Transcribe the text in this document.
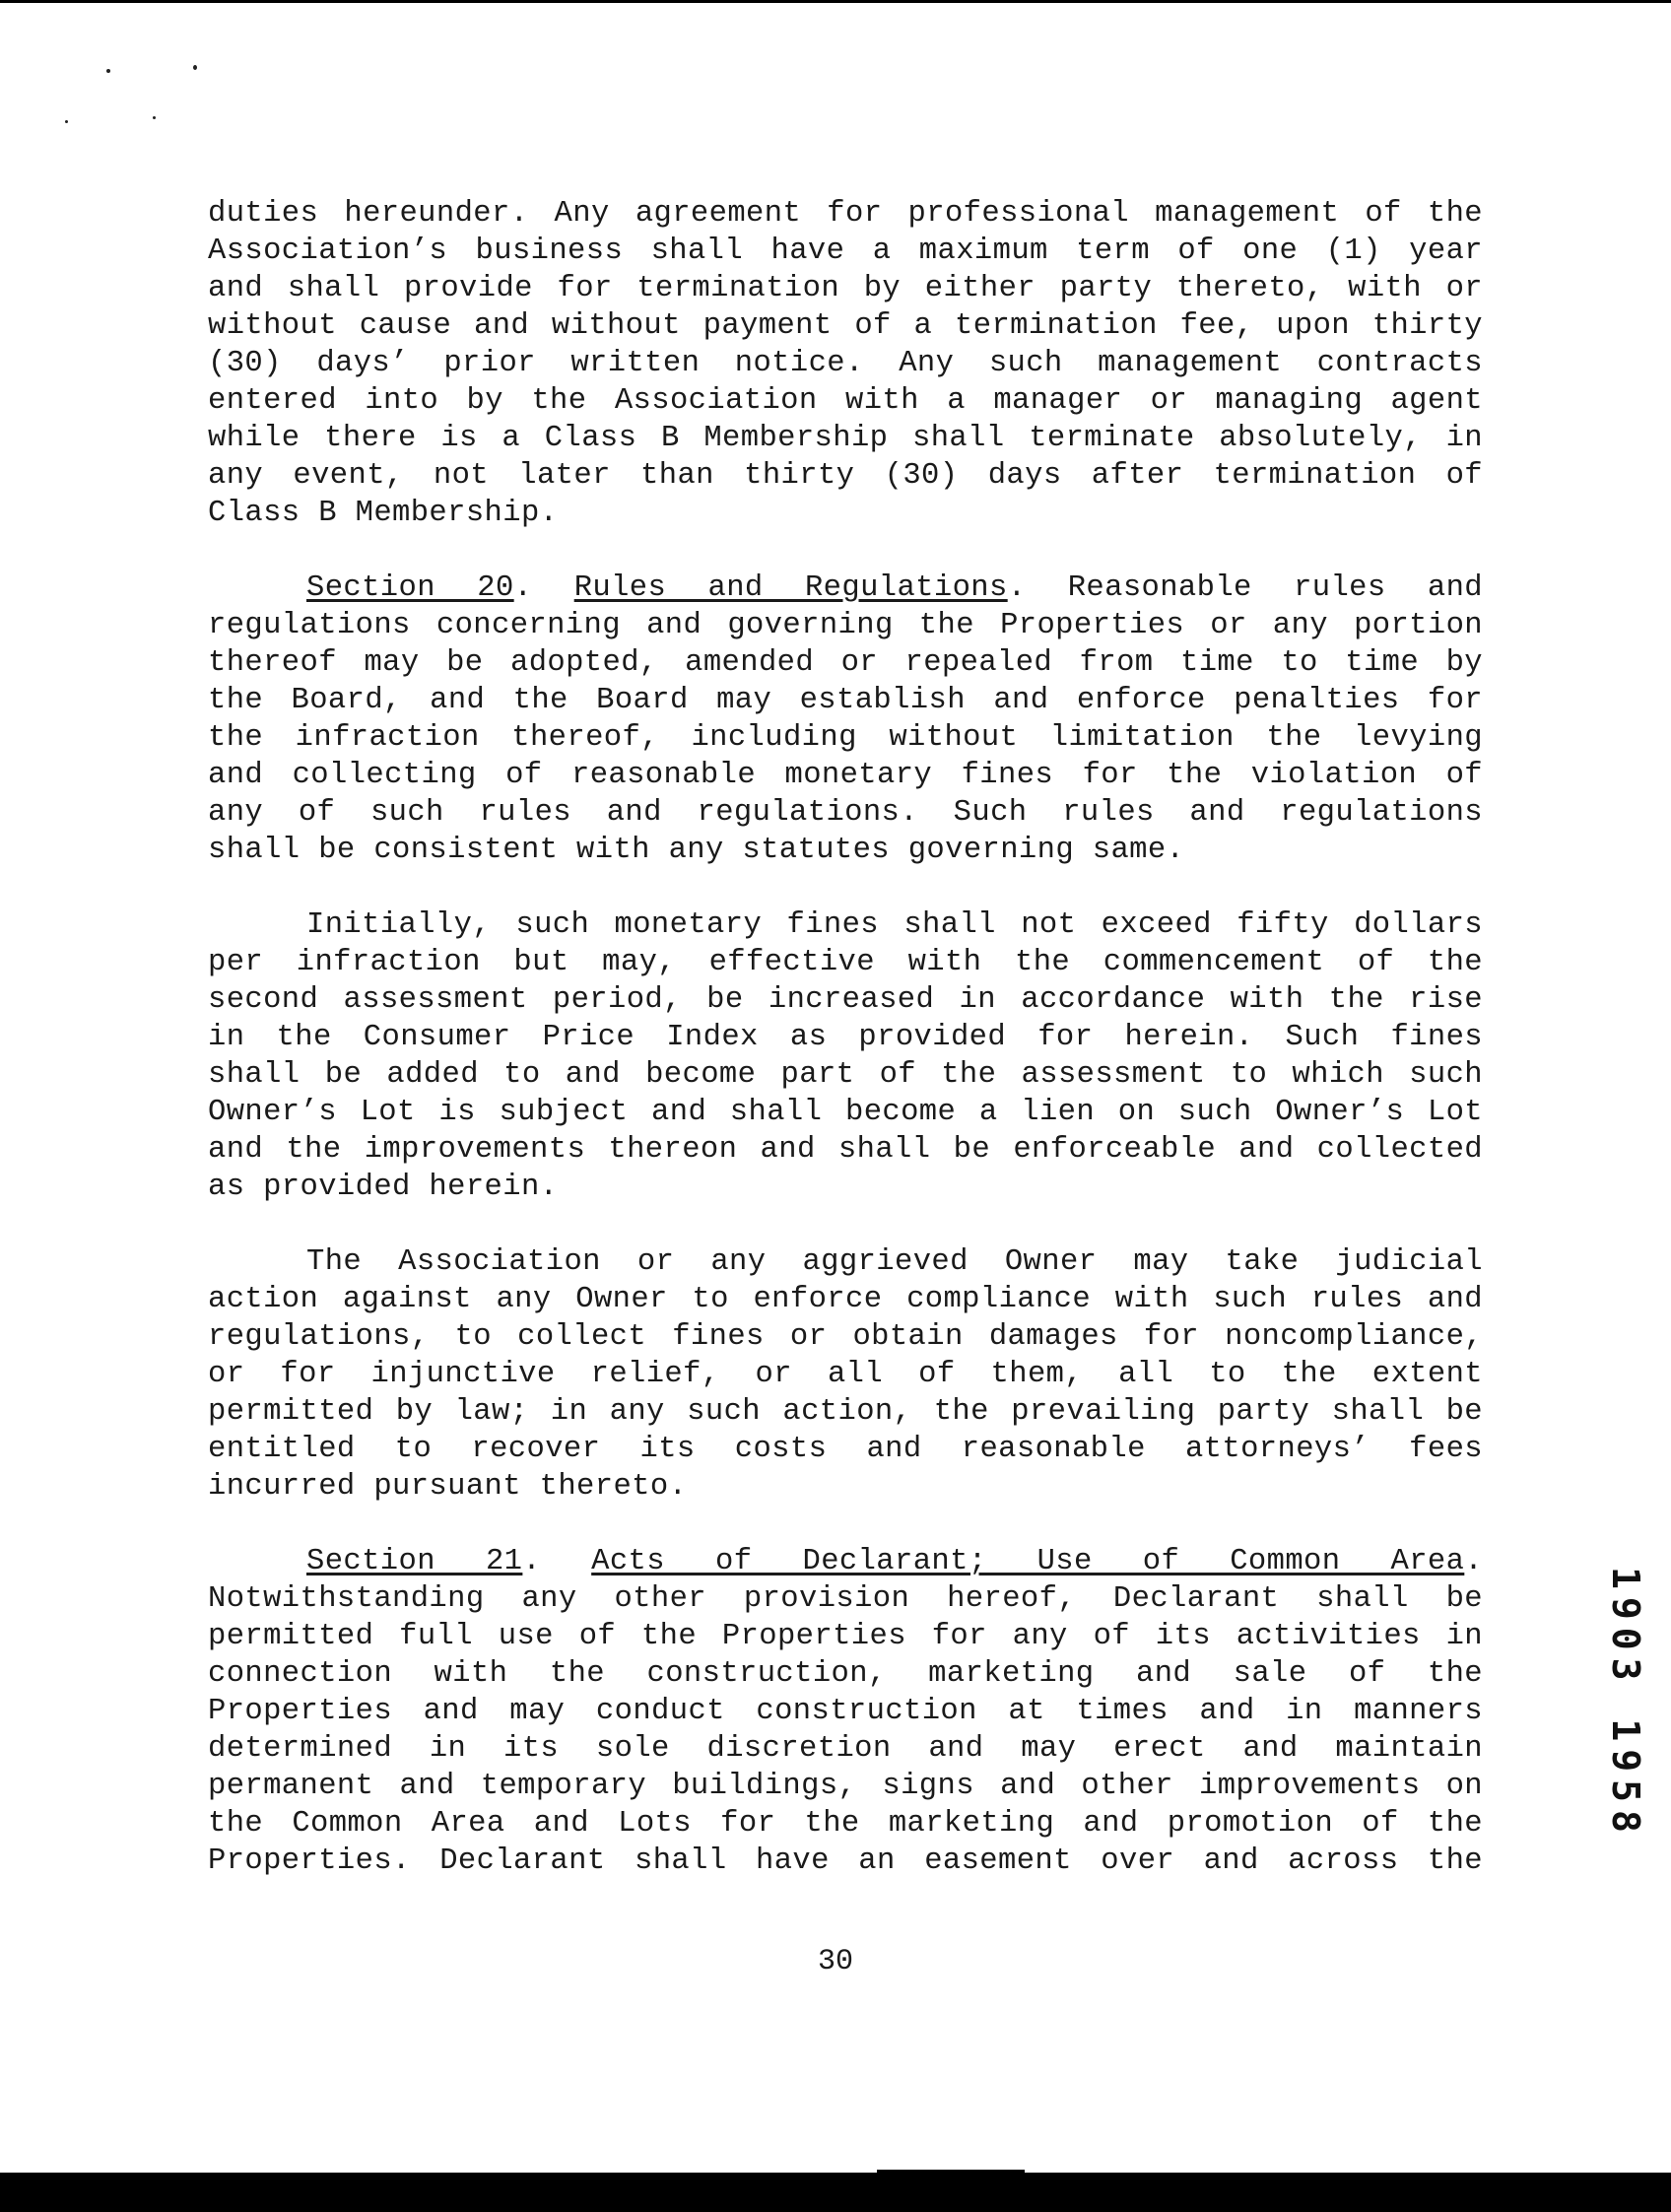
duties hereunder. Any agreement for professional management of the
Association’s business shall have a maximum term of one (1) year
and shall provide for termination by either party thereto, with or
without cause and without payment of a termination fee, upon thirty
(30) days’ prior written notice. Any such management contracts
entered into by the Association with a manager or managing agent
while there is a Class B Membership shall terminate absolutely, in
any event, not later than thirty (30) days after termination of
Class B Membership.
Section 20. Rules and Regulations. Reasonable rules and
regulations concerning and governing the Properties or any portion
thereof may be adopted, amended or repealed from time to time by
the Board, and the Board may establish and enforce penalties for
the infraction thereof, including without limitation the levying
and collecting of reasonable monetary fines for the violation of
any of such rules and regulations. Such rules and regulations
shall be consistent with any statutes governing same.
Initially, such monetary fines shall not exceed fifty dollars
per infraction but may, effective with the commencement of the
second assessment period, be increased in accordance with the rise
in the Consumer Price Index as provided for herein. Such fines
shall be added to and become part of the assessment to which such
Owner’s Lot is subject and shall become a lien on such Owner’s Lot
and the improvements thereon and shall be enforceable and collected
as provided herein.
The Association or any aggrieved Owner may take judicial
action against any Owner to enforce compliance with such rules and
regulations, to collect fines or obtain damages for noncompliance,
or for injunctive relief, or all of them, all to the extent
permitted by law; in any such action, the prevailing party shall be
entitled to recover its costs and reasonable attorneys’ fees
incurred pursuant thereto.
Section 21. Acts of Declarant; Use of Common Area.
Notwithstanding any other provision hereof, Declarant shall be
permitted full use of the Properties for any of its activities in
connection with the construction, marketing and sale of the
Properties and may conduct construction at times and in manners
determined in its sole discretion and may erect and maintain
permanent and temporary buildings, signs and other improvements on
the Common Area and Lots for the marketing and promotion of the
Properties. Declarant shall have an easement over and across the
1903 1958
30
